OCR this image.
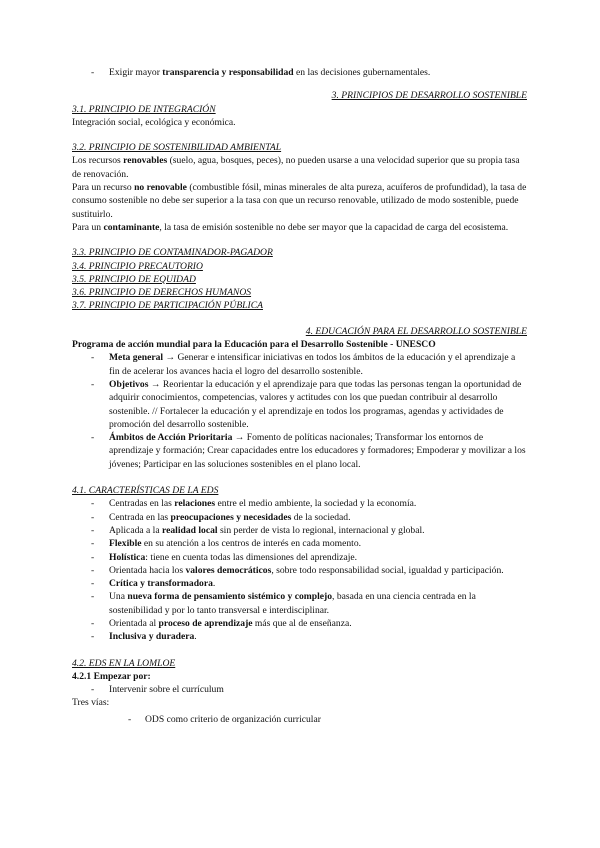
- Exigir mayor transparencia y responsabilidad en las decisiones gubernamentales.
3. PRINCIPIOS DE DESARROLLO SOSTENIBLE
3.1. PRINCIPIO DE INTEGRACIÓN
Integración social, ecológica y económica.
3.2. PRINCIPIO DE SOSTENIBILIDAD AMBIENTAL
Los recursos renovables (suelo, agua, bosques, peces), no pueden usarse a una velocidad superior que su propia tasa de renovación.
Para un recurso no renovable (combustible fósil, minas minerales de alta pureza, acuíferos de profundidad), la tasa de consumo sostenible no debe ser superior a la tasa con que un recurso renovable, utilizado de modo sostenible, puede sustituirlo.
Para un contaminante, la tasa de emisión sostenible no debe ser mayor que la capacidad de carga del ecosistema.
3.3. PRINCIPIO DE CONTAMINADOR-PAGADOR
3.4. PRINCIPIO PRECAUTORIO
3.5. PRINCIPIO DE EQUIDAD
3.6. PRINCIPIO DE DERECHOS HUMANOS
3.7. PRINCIPIO DE PARTICIPACIÓN PÚBLICA
4. EDUCACIÓN PARA EL DESARROLLO SOSTENIBLE
Programa de acción mundial para la Educación para el Desarrollo Sostenible - UNESCO
- Meta general → Generar e intensificar iniciativas en todos los ámbitos de la educación y el aprendizaje a fin de acelerar los avances hacia el logro del desarrollo sostenible.
- Objetivos → Reorientar la educación y el aprendizaje para que todas las personas tengan la oportunidad de adquirir conocimientos, competencias, valores y actitudes con los que puedan contribuir al desarrollo sostenible. // Fortalecer la educación y el aprendizaje en todos los programas, agendas y actividades de promoción del desarrollo sostenible.
- Ámbitos de Acción Prioritaria → Fomento de políticas nacionales; Transformar los entornos de aprendizaje y formación; Crear capacidades entre los educadores y formadores; Empoderar y movilizar a los jóvenes; Participar en las soluciones sostenibles en el plano local.
4.1. CARACTERÍSTICAS DE LA EDS
- Centradas en las relaciones entre el medio ambiente, la sociedad y la economía.
- Centrada en las preocupaciones y necesidades de la sociedad.
- Aplicada a la realidad local sin perder de vista lo regional, internacional y global.
- Flexible en su atención a los centros de interés en cada momento.
- Holística: tiene en cuenta todas las dimensiones del aprendizaje.
- Orientada hacia los valores democráticos, sobre todo responsabilidad social, igualdad y participación.
- Crítica y transformadora.
- Una nueva forma de pensamiento sistémico y complejo, basada en una ciencia centrada en la sostenibilidad y por lo tanto transversal e interdisciplinar.
- Orientada al proceso de aprendizaje más que al de enseñanza.
- Inclusiva y duradera.
4.2. EDS EN LA LOMLOE
4.2.1 Empezar por:
- Intervenir sobre el currículum
Tres vías:
- ODS como criterio de organización curricular
